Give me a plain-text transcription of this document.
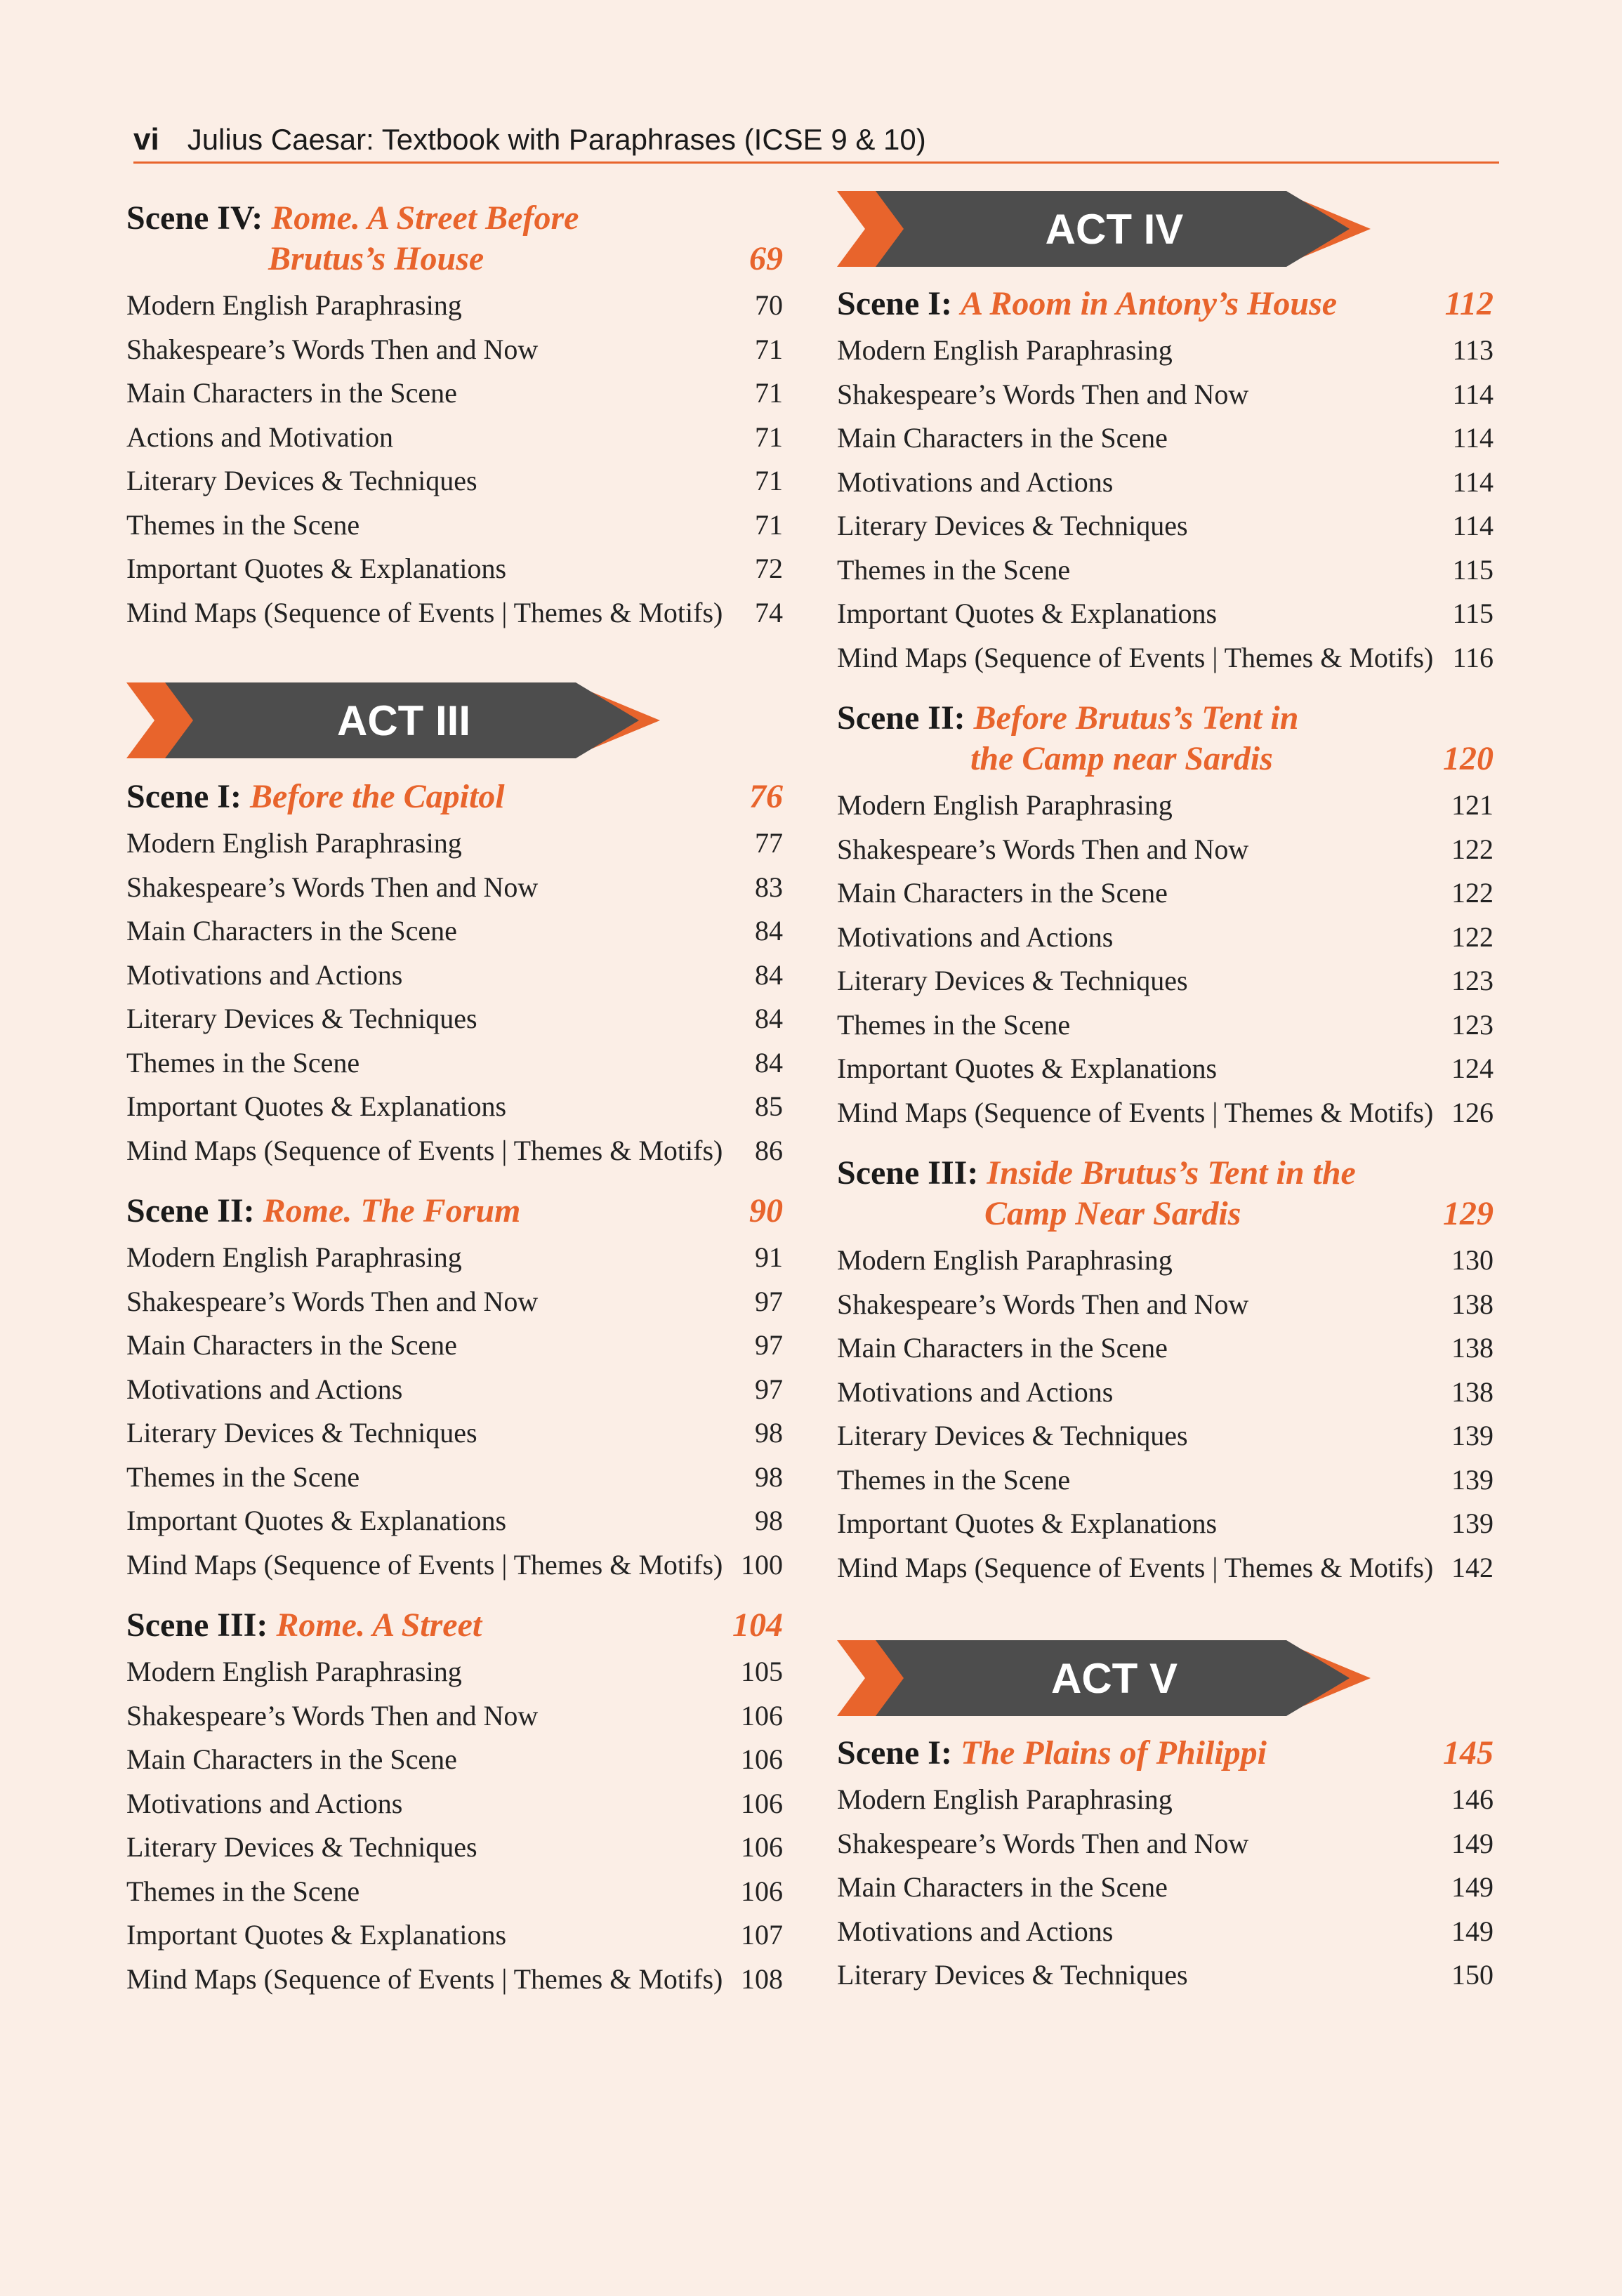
vi Julius Caesar: Textbook with Paraphrases (ICSE 9 & 10)
Scene IV: Rome. A Street Before
Brutus’s House	69
Modern English Paraphrasing	70
Shakespeare’s Words Then and Now	71
Main Characters in the Scene	71
Actions and Motivation	71
Literary Devices & Techniques	71
Themes in the Scene	71
Important Quotes & Explanations	72
Mind Maps (Sequence of Events | Themes & Motifs) 74
ACT III
Scene I: Before the Capitol	76
Modern English Paraphrasing	77
Shakespeare’s Words Then and Now	83
Main Characters in the Scene	84
Motivations and Actions	84
Literary Devices & Techniques	84
Themes in the Scene	84
Important Quotes & Explanations	85
Mind Maps (Sequence of Events | Themes & Motifs) 86
Scene II: Rome. The Forum	90
Modern English Paraphrasing	91
Shakespeare’s Words Then and Now	97
Main Characters in the Scene	97
Motivations and Actions	97
Literary Devices & Techniques	98
Themes in the Scene	98
Important Quotes & Explanations	98
Mind Maps (Sequence of Events | Themes & Motifs) 100
Scene III: Rome. A Street	104
Modern English Paraphrasing	105
Shakespeare’s Words Then and Now	106
Main Characters in the Scene	106
Motivations and Actions	106
Literary Devices & Techniques	106
Themes in the Scene	106
Important Quotes & Explanations	107
Mind Maps (Sequence of Events | Themes & Motifs) 108
ACT IV
Scene I: A Room in Antony’s House	112
Modern English Paraphrasing	113
Shakespeare’s Words Then and Now	114
Main Characters in the Scene	114
Motivations and Actions	114
Literary Devices & Techniques	114
Themes in the Scene	115
Important Quotes & Explanations	115
Mind Maps (Sequence of Events | Themes & Motifs) 116
Scene II: Before Brutus’s Tent in
the Camp near Sardis	120
Modern English Paraphrasing	121
Shakespeare’s Words Then and Now	122
Main Characters in the Scene	122
Motivations and Actions	122
Literary Devices & Techniques	123
Themes in the Scene	123
Important Quotes & Explanations	124
Mind Maps (Sequence of Events | Themes & Motifs) 126
Scene III: Inside Brutus’s Tent in the
Camp Near Sardis	129
Modern English Paraphrasing	130
Shakespeare’s Words Then and Now	138
Main Characters in the Scene	138
Motivations and Actions	138
Literary Devices & Techniques	139
Themes in the Scene	139
Important Quotes & Explanations	139
Mind Maps (Sequence of Events | Themes & Motifs) 142
ACT V
Scene I: The Plains of Philippi	145
Modern English Paraphrasing	146
Shakespeare’s Words Then and Now	149
Main Characters in the Scene	149
Motivations and Actions	149
Literary Devices & Techniques	150
